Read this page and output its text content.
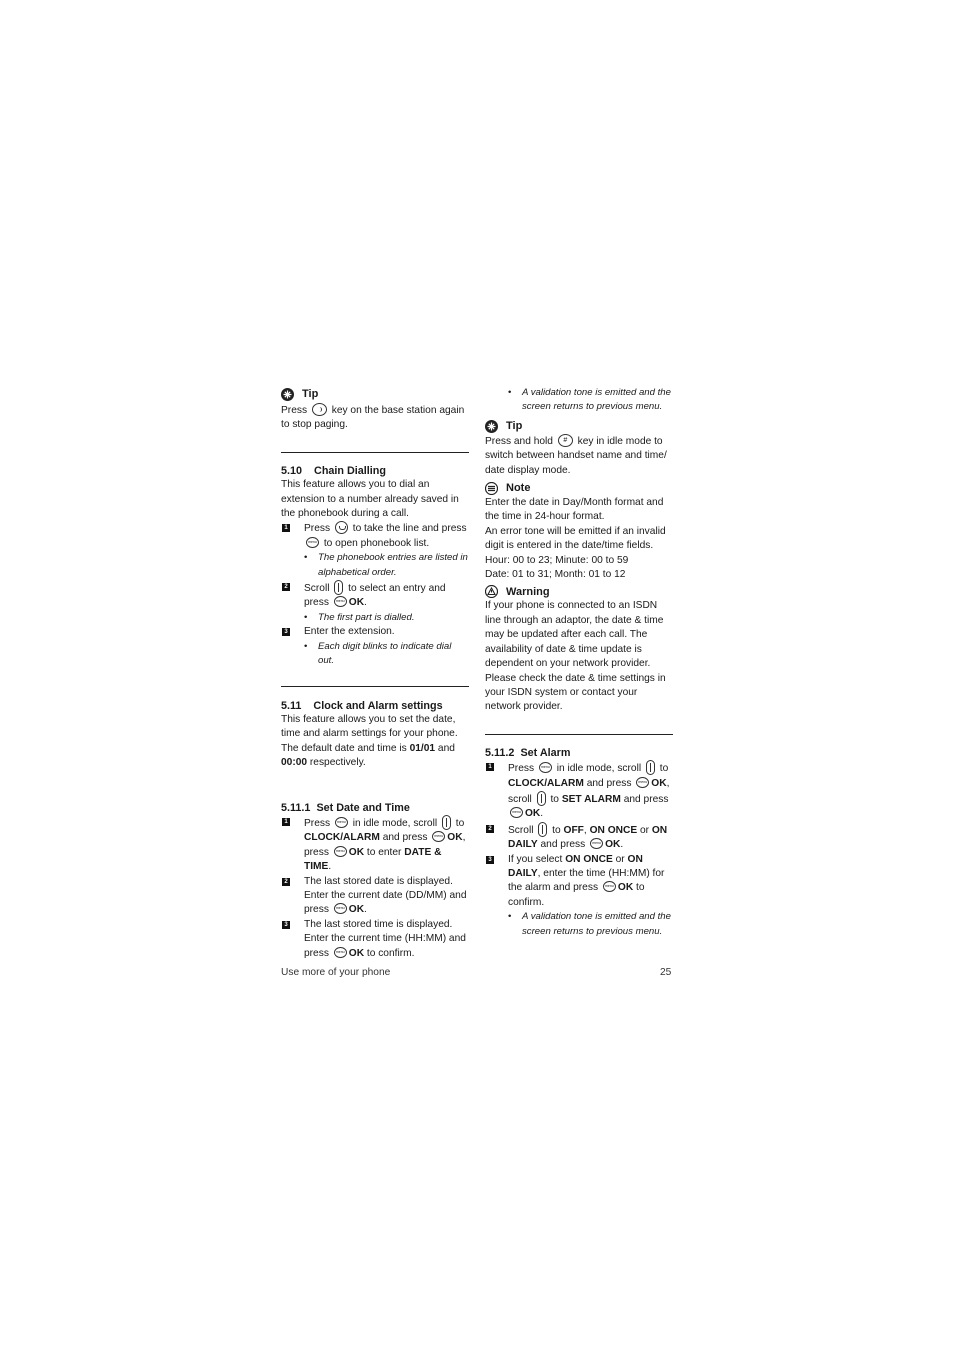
Tip

Press key on the base station again to stop paging.

5.10 Chain Dialling

This feature allows you to dial an extension to a number already saved in the phonebook during a call.

1 Press to take the line and press menu to open phonebook list.
• The phonebook entries are listed in alphabetical order.
2 Scroll to select an entry and press menu OK.
• The first part is dialled.
3 Enter the extension.
• Each digit blinks to indicate dial out.

5.11 Clock and Alarm settings

This feature allows you to set the date, time and alarm settings for your phone. The default date and time is 01/01 and 00:00 respectively.

5.11.1 Set Date and Time

1 Press menu in idle mode, scroll to CLOCK/ALARM and press menu OK, press menu OK to enter DATE & TIME.
2 The last stored date is displayed. Enter the current date (DD/MM) and press menu OK.
3 The last stored time is displayed. Enter the current time (HH:MM) and press menu OK to confirm.
• A validation tone is emitted and the screen returns to previous menu.
Tip

Press and hold # key in idle mode to switch between handset name and time/ date display mode.

Note

Enter the date in Day/Month format and the time in 24-hour format.

An error tone will be emitted if an invalid digit is entered in the date/time fields.

Hour: 00 to 23; Minute: 00 to 59

Date: 01 to 31; Month: 01 to 12

Warning

If your phone is connected to an ISDN line through an adaptor, the date & time may be updated after each call. The availability of date & time update is dependent on your network provider. Please check the date & time settings in your ISDN system or contact your network provider.

5.11.2 Set Alarm

1 Press menu in idle mode, scroll to CLOCK/ALARM and press menu OK, scroll to SET ALARM and press menuOK.
2 Scroll to OFF, ON ONCE or ON DAILY and press menu OK.
3 If you select ON ONCE or ON DAILY, enter the time (HH:MM) for the alarm and press menu OK to confirm.
• A validation tone is emitted and the screen returns to previous menu.
Use more of your phone	25
